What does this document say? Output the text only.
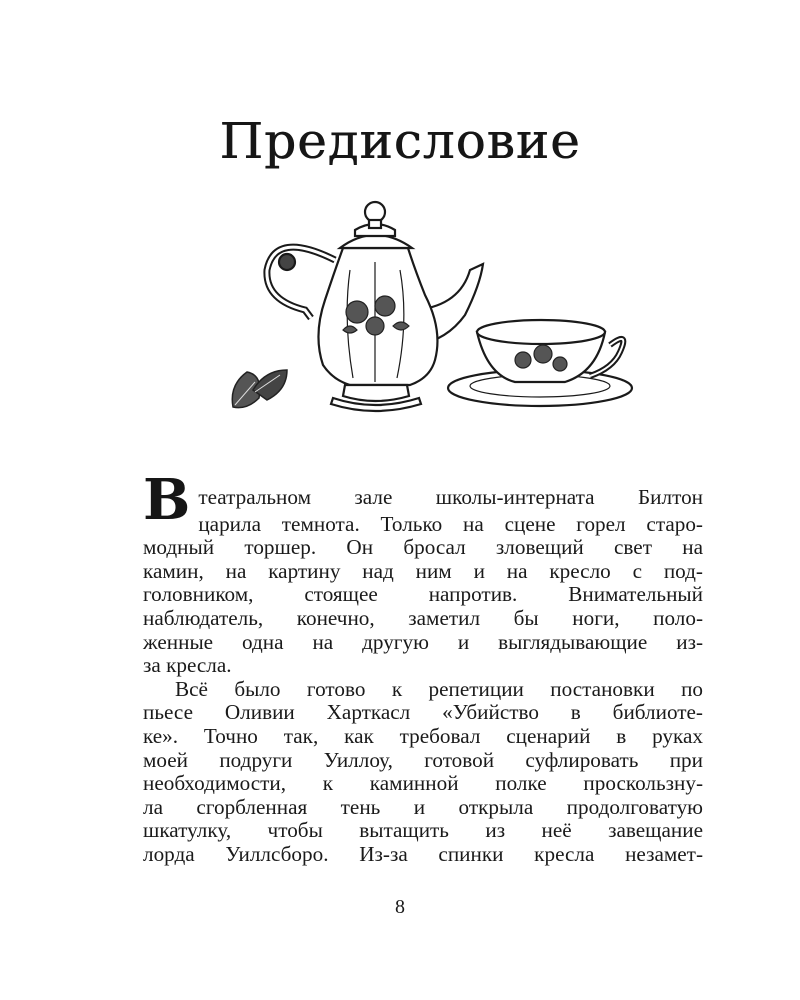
Предисловие
В театральном зале школы-интерната Билтон
царила темнота. Только на сцене горел старо-
модный торшер. Он бросал зловещий свет на
камин, на картину над ним и на кресло с под-
головником, стоящее напротив. Внимательный
наблюдатель, конечно, заметил бы ноги, поло-
женные одна на другую и выглядывающие из-
за кресла.
Всё было готово к репетиции постановки по
пьесе Оливии Харткасл «Убийство в библиоте-
ке». Точно так, как требовал сценарий в руках
моей подруги Уиллоу, готовой суфлировать при
необходимости, к каминной полке проскользну-
ла сгорбленная тень и открыла продолговатую
шкатулку, чтобы вытащить из неё завещание
лорда Уиллсборо. Из-за спинки кресла незамет-
8
